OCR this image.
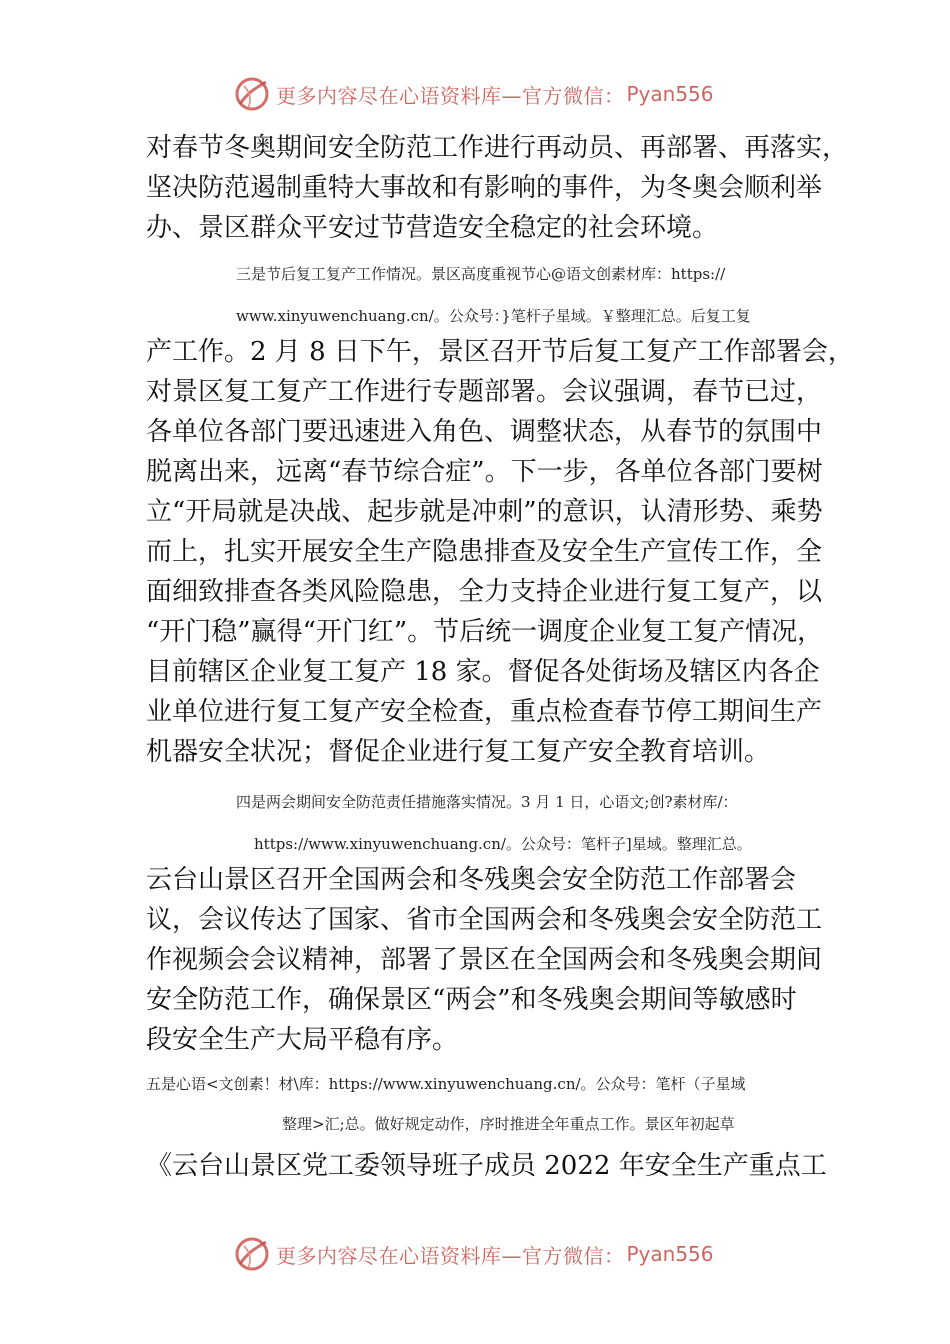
更多内容尽在心语资料库—官方微信： Pyan556
对春节冬奥期间安全防范工作进行再动员、再部署、再落实，
坚决防范遏制重特大事故和有影响的事件，为冬奥会顺利举
办、景区群众平安过节营造安全稳定的社会环境。
三是节后复工复产工作情况。景区高度重视节心@语文创素材库：https://
www.xinyuwenchuang.cn/。公众号：}笔杆子星域。￥整理汇总。后复工复
产工作。2 月 8 日下午，景区召开节后复工复产工作部署会，
对景区复工复产工作进行专题部署。会议强调，春节已过，
各单位各部门要迅速进入角色、调整状态，从春节的氛围中
脱离出来，远离“春节综合症”。下一步，各单位各部门要树
立“开局就是决战、起步就是冲刺”的意识，认清形势、乘势
而上，扎实开展安全生产隐患排查及安全生产宣传工作，全
面细致排查各类风险隐患，全力支持企业进行复工复产，以
“开门稳”赢得“开门红”。节后统一调度企业复工复产情况，
目前辖区企业复工复产 18 家。督促各处街场及辖区内各企
业单位进行复工复产安全检查，重点检查春节停工期间生产
机器安全状况；督促企业进行复工复产安全教育培训。
四是两会期间安全防范责任措施落实情况。3 月 1 日，心语文;创?素材库/：
https://www.xinyuwenchuang.cn/。公众号：笔杆子]星域。整理汇总。
云台山景区召开全国两会和冬残奥会安全防范工作部署会
议，会议传达了国家、省市全国两会和冬残奥会安全防范工
作视频会会议精神，部署了景区在全国两会和冬残奥会期间
安全防范工作，确保景区“两会”和冬残奥会期间等敏感时
段安全生产大局平稳有序。
五是心语<文创素！材\库：https://www.xinyuwenchuang.cn/。公众号：笔杆（子星域
整理>汇;总。做好规定动作，序时推进全年重点工作。景区年初起草
《云台山景区党工委领导班子成员 2022 年安全生产重点工
更多内容尽在心语资料库—官方微信： Pyan556
